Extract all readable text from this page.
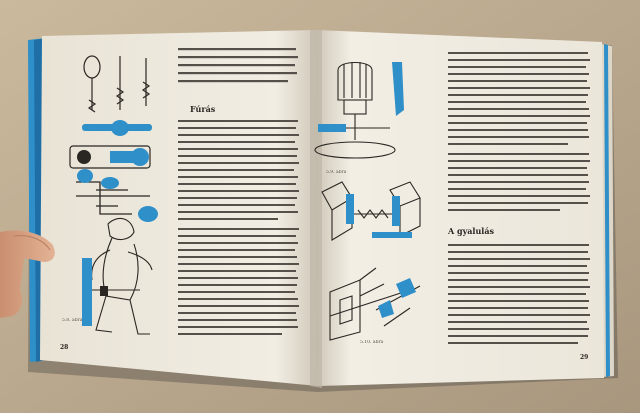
Fúrás
5.8. ábra
28
5.9. ábra
A gyalulás
5.10. ábra
29
